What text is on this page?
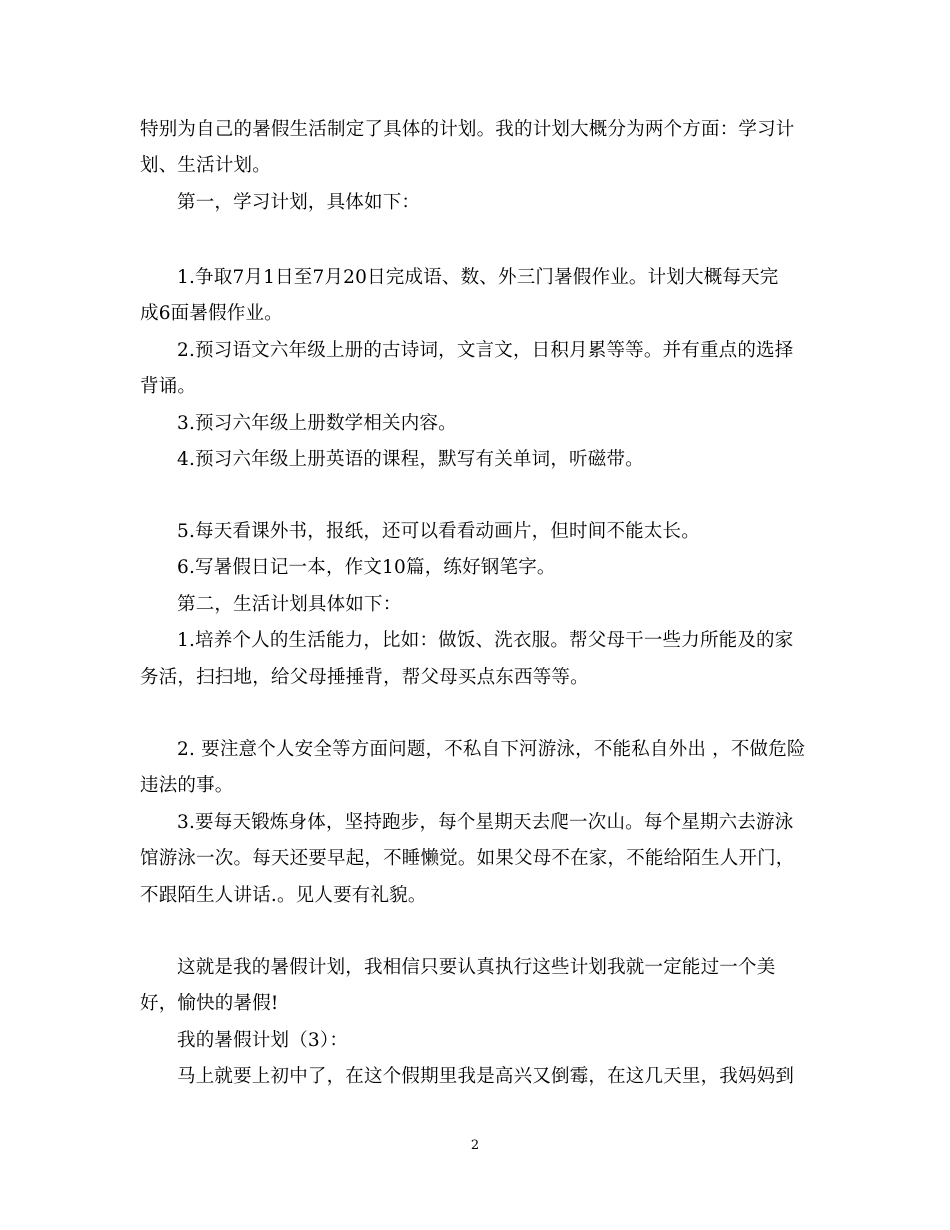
特别为自己的暑假生活制定了具体的计划。我的计划大概分为两个方面：学习计
划、生活计划。
第一，学习计划，具体如下：
1.争取7月1日至7月20日完成语、数、外三门暑假作业。计划大概每天完
成6面暑假作业。
2.预习语文六年级上册的古诗词，文言文，日积月累等等。并有重点的选择
背诵。
3.预习六年级上册数学相关内容。
4.预习六年级上册英语的课程，默写有关单词，听磁带。
5.每天看课外书，报纸，还可以看看动画片，但时间不能太长。
6.写暑假日记一本，作文10篇，练好钢笔字。
第二，生活计划具体如下：
1.培养个人的生活能力，比如：做饭、洗衣服。帮父母干一些力所能及的家
务活，扫扫地，给父母捶捶背，帮父母买点东西等等。
2. 要注意个人安全等方面问题，不私自下河游泳，不能私自外出 ，不做危险
违法的事。
3.要每天锻炼身体，坚持跑步，每个星期天去爬一次山。每个星期六去游泳
馆游泳一次。每天还要早起，不睡懒觉。如果父母不在家，不能给陌生人开门，
不跟陌生人讲话.。见人要有礼貌。
这就是我的暑假计划，我相信只要认真执行这些计划我就一定能过一个美
好，愉快的暑假!
我的暑假计划（3）：
马上就要上初中了，在这个假期里我是高兴又倒霉，在这几天里，我妈妈到
2
